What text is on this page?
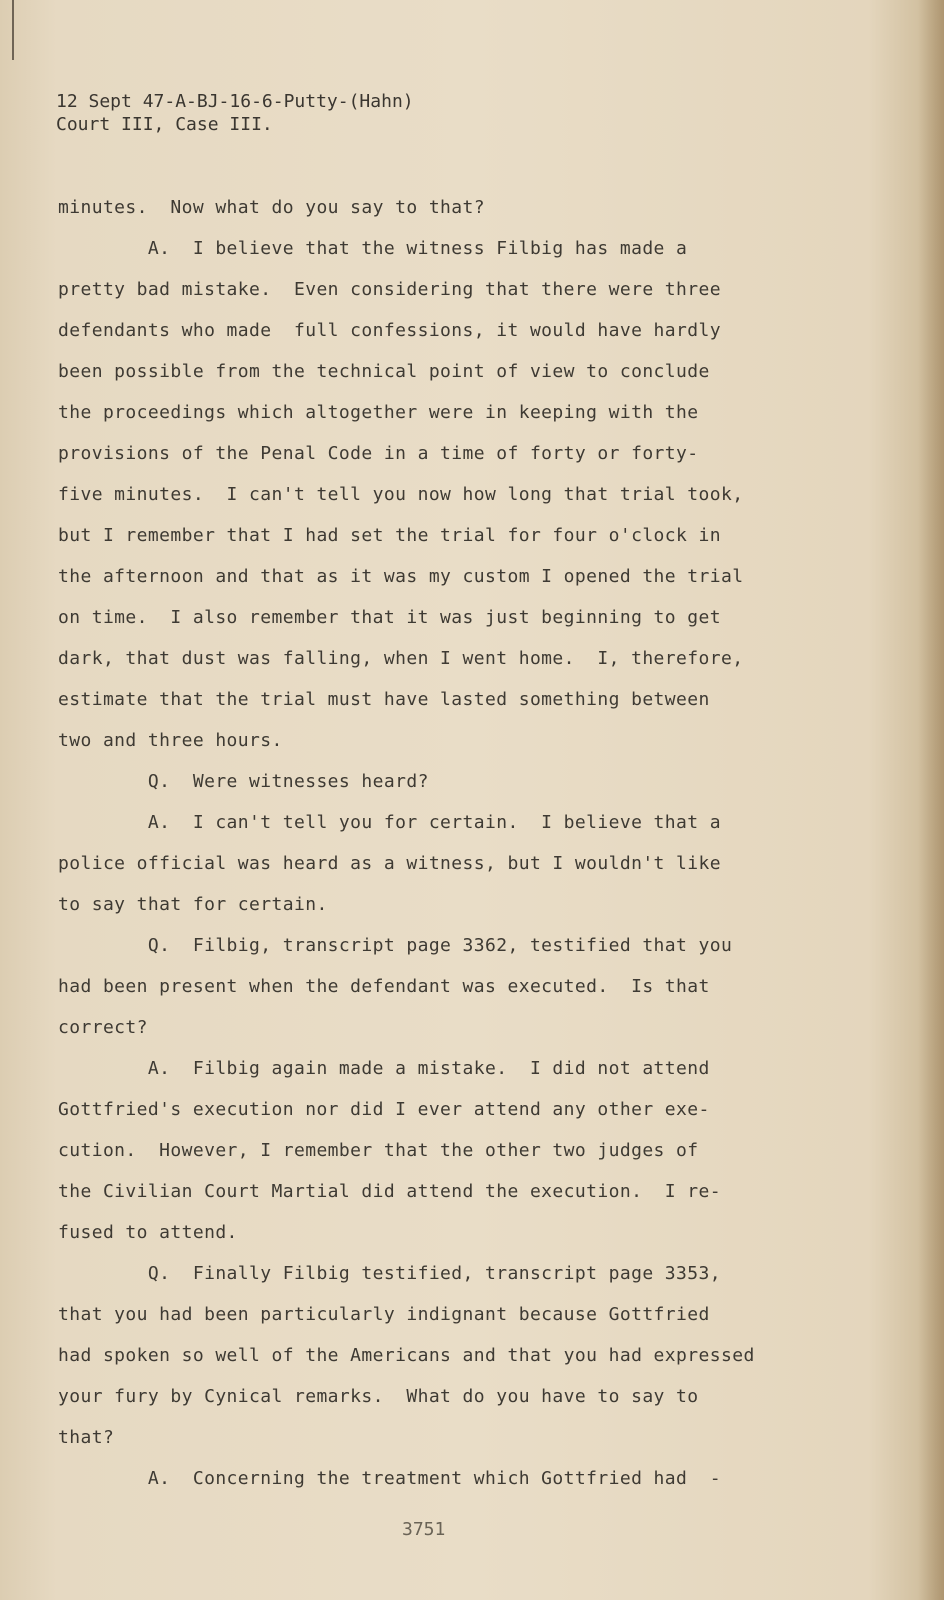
12 Sept 47-A-BJ-16-6-Putty-(Hahn)
Court III, Case III.
minutes.  Now what do you say to that?
A.  I believe that the witness Filbig has made a
pretty bad mistake.  Even considering that there were three
defendants who made  full confessions, it would have hardly
been possible from the technical point of view to conclude
the proceedings which altogether were in keeping with the
provisions of the Penal Code in a time of forty or forty-
five minutes.  I can't tell you now how long that trial took,
but I remember that I had set the trial for four o'clock in
the afternoon and that as it was my custom I opened the trial
on time.  I also remember that it was just beginning to get
dark, that dust was falling, when I went home.  I, therefore,
estimate that the trial must have lasted something between
two and three hours.
Q.  Were witnesses heard?
A.  I can't tell you for certain.  I believe that a
police official was heard as a witness, but I wouldn't like
to say that for certain.
Q.  Filbig, transcript page 3362, testified that you
had been present when the defendant was executed.  Is that
correct?
A.  Filbig again made a mistake.  I did not attend
Gottfried's execution nor did I ever attend any other exe-
cution.  However, I remember that the other two judges of
the Civilian Court Martial did attend the execution.  I re-
fused to attend.
Q.  Finally Filbig testified, transcript page 3353,
that you had been particularly indignant because Gottfried
had spoken so well of the Americans and that you had expressed
your fury by Cynical remarks.  What do you have to say to
that?
A.  Concerning the treatment which Gottfried had  -
3751
